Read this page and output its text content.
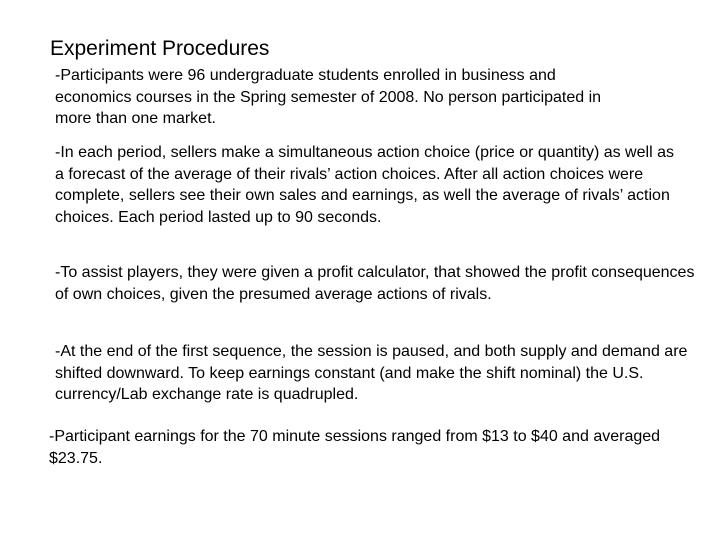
Experiment Procedures

-Participants were 96 undergraduate students enrolled in business and economics courses in the Spring semester of 2008. No person participated in more than one market.

-In each period, sellers make a simultaneous action choice (price or quantity) as well as a forecast of the average of their rivals’ action choices. After all action choices were complete, sellers see their own sales and earnings, as well the average of rivals’ action choices. Each period lasted up to 90 seconds.

-To assist players, they were given a profit calculator, that showed the profit consequences of own choices, given the presumed average actions of rivals.

-At the end of the first sequence, the session is paused, and both supply and demand are shifted downward. To keep earnings constant (and make the shift nominal) the U.S. currency/Lab exchange rate is quadrupled.

-Participant earnings for the 70 minute sessions ranged from $13 to $40 and averaged $23.75.
